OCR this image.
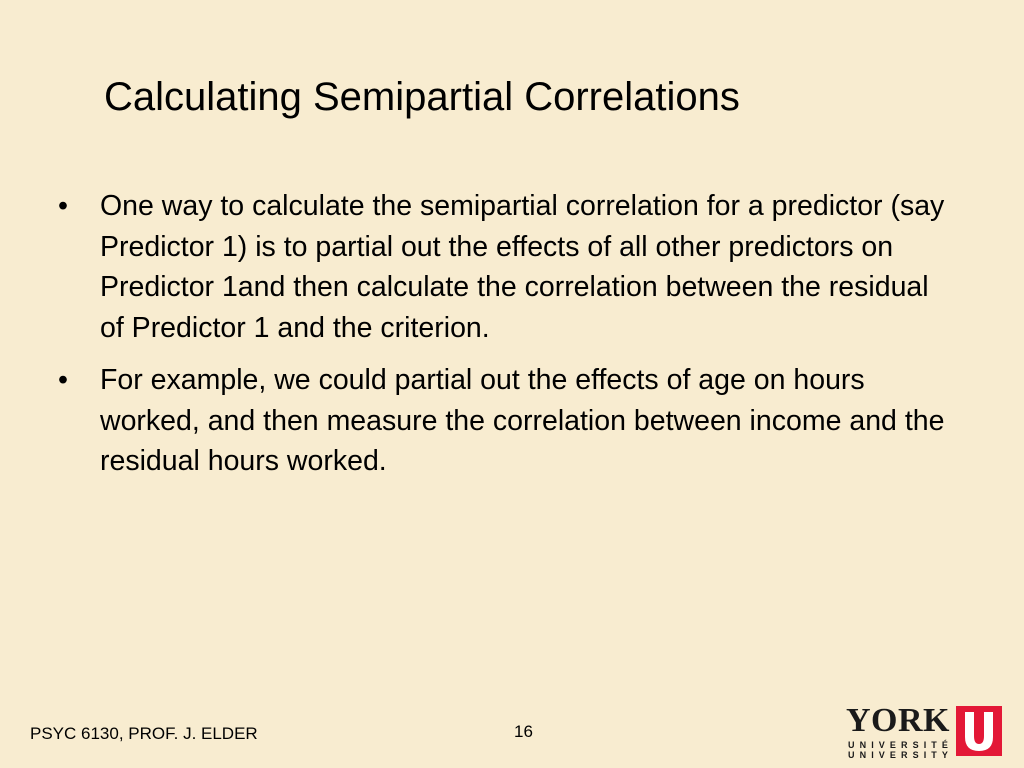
Calculating Semipartial Correlations
•	One way to calculate the semipartial correlation for a predictor (say Predictor 1) is to partial out the effects of all other predictors on Predictor 1and then calculate the correlation between the residual of Predictor 1 and the criterion.
•	For example, we could partial out the effects of age on hours worked, and then measure the correlation between income and the residual hours worked.
PSYC 6130, PROF. J. ELDER	16	YORK
UNIVERSITÉ
UNIVERSITY
